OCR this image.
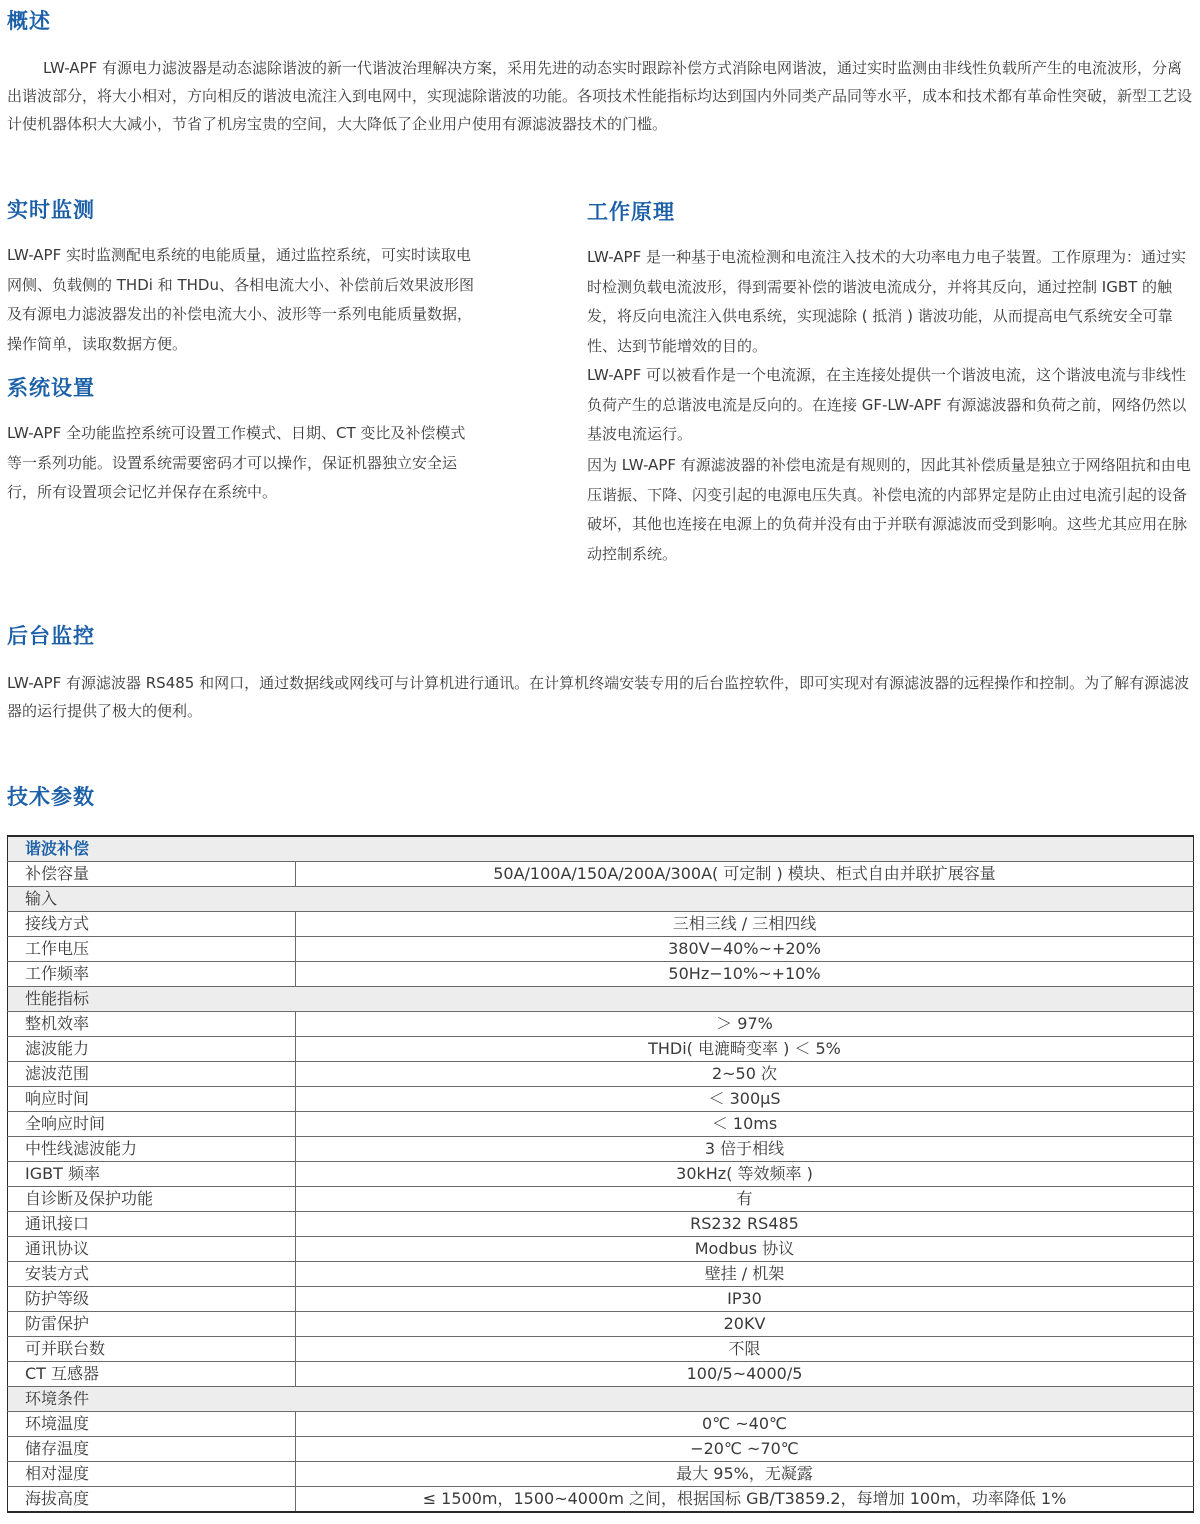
概述

LW-APF 有源电力滤波器是动态滤除谐波的新一代谐波治理解决方案，采用先进的动态实时跟踪补偿方式消除电网谐波，通过实时监测由非线性负载所产生的电流波形，分离出谐波部分，将大小相对，方向相反的谐波电流注入到电网中，实现滤除谐波的功能。各项技术性能指标均达到国内外同类产品同等水平，成本和技术都有革命性突破，新型工艺设计使机器体积大大减小，节省了机房宝贵的空间，大大降低了企业用户使用有源滤波器技术的门槛。

实时监测

LW-APF 实时监测配电系统的电能质量，通过监控系统，可实时读取电网侧、负载侧的 THDi 和 THDu、各相电流大小、补偿前后效果波形图及有源电力滤波器发出的补偿电流大小、波形等一系列电能质量数据，操作简单，读取数据方便。

系统设置

LW-APF 全功能监控系统可设置工作模式、日期、CT 变比及补偿模式等一系列功能。设置系统需要密码才可以操作，保证机器独立安全运行，所有设置项会记忆并保存在系统中。

工作原理

LW-APF 是一种基于电流检测和电流注入技术的大功率电力电子装置。工作原理为：通过实时检测负载电流波形，得到需要补偿的谐波电流成分，并将其反向，通过控制 IGBT 的触发，将反向电流注入供电系统，实现滤除 ( 抵消 ) 谐波功能，从而提高电气系统安全可靠性、达到节能增效的目的。

LW-APF 可以被看作是一个电流源，在主连接处提供一个谐波电流，这个谐波电流与非线性负荷产生的总谐波电流是反向的。在连接 GF-LW-APF 有源滤波器和负荷之前，网络仍然以基波电流运行。

因为 LW-APF 有源滤波器的补偿电流是有规则的，因此其补偿质量是独立于网络阻抗和由电压谐振、下降、闪变引起的电源电压失真。补偿电流的内部界定是防止由过电流引起的设备破坏，其他也连接在电源上的负荷并没有由于并联有源滤波而受到影响。这些尤其应用在脉动控制系统。

后台监控

LW-APF 有源滤波器 RS485 和网口，通过数据线或网线可与计算机进行通讯。在计算机终端安装专用的后台监控软件，即可实现对有源滤波器的远程操作和控制。为了解有源滤波器的运行提供了极大的便利。

技术参数
谐波补偿	
补偿容量	50A/100A/150A/200A/300A( 可定制 ) 模块、柜式自由并联扩展容量
输入	
接线方式	三相三线 / 三相四线
工作电压	380V−40%~+20%
工作频率	50Hz−10%~+10%
性能指标	
整机效率	＞ 97%
滤波能力	THDi( 电漉畸变率 ) ＜ 5%
滤波范围	2~50 次
响应时间	＜ 300μS
全响应时间	＜ 10ms
中性线滤波能力	3 倍于相线
IGBT 频率	30kHz( 等效频率 )
自诊断及保护功能	有
通讯接口	RS232 RS485
通讯协议	Modbus 协议
安装方式	壁挂 / 机架
防护等级	IP30
防雷保护	20KV
可并联台数	不限
CT 互感器	100/5~4000/5
环境条件	
环境温度	0℃ ~40℃
储存温度	−20℃ ~70℃
相对湿度	最大 95%，无凝露
海拔高度	≤ 1500m，1500~4000m 之间，根据国标 GB/T3859.2，每增加 100m，功率降低 1%
